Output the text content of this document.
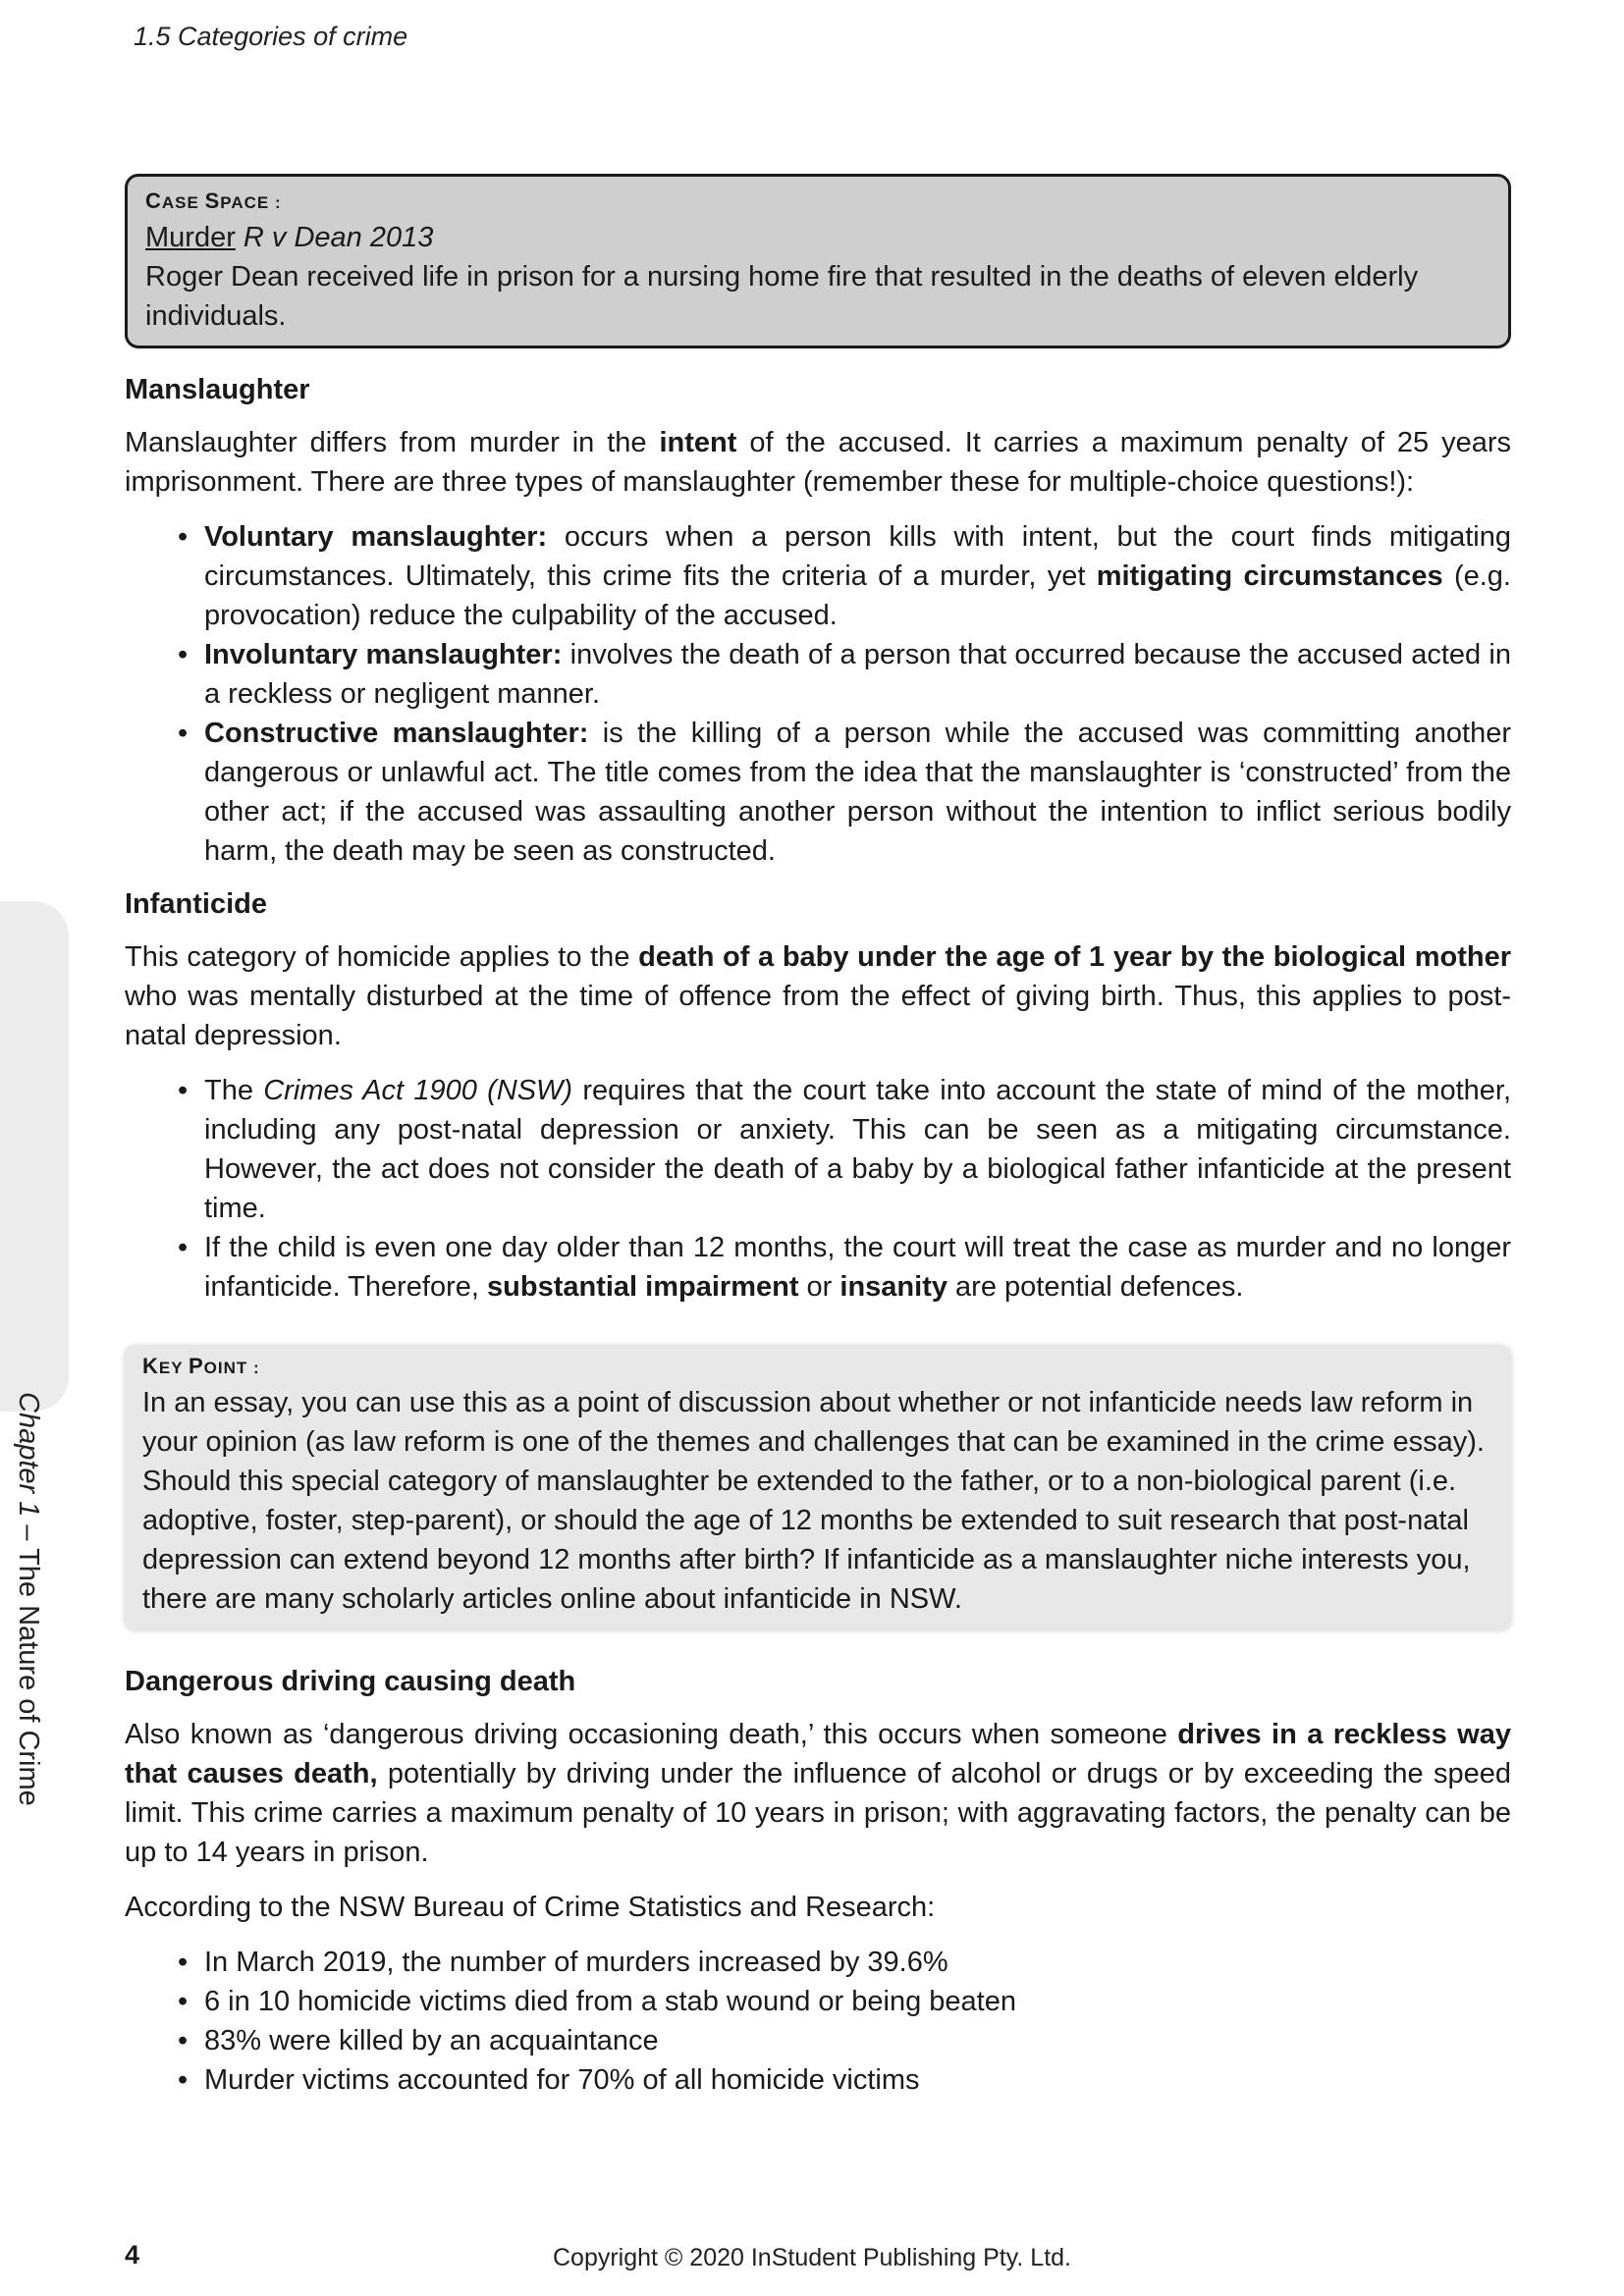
1.5 Categories of crime
Chapter 1 – The Nature of Crime
CASE SPACE :
Murder R v Dean 2013
Roger Dean received life in prison for a nursing home fire that resulted in the deaths of eleven elderly individuals.
Manslaughter

Manslaughter differs from murder in the intent of the accused. It carries a maximum penalty of 25 years imprisonment. There are three types of manslaughter (remember these for multiple-choice questions!):

• Voluntary manslaughter: occurs when a person kills with intent, but the court finds mitigating circumstances. Ultimately, this crime fits the criteria of a murder, yet mitigating circumstances (e.g. provocation) reduce the culpability of the accused.
• Involuntary manslaughter: involves the death of a person that occurred because the accused acted in a reckless or negligent manner.
• Constructive manslaughter: is the killing of a person while the accused was committing another dangerous or unlawful act. The title comes from the idea that the manslaughter is ‘constructed’ from the other act; if the accused was assaulting another person without the intention to inflict serious bodily harm, the death may be seen as constructed.
Infanticide

This category of homicide applies to the death of a baby under the age of 1 year by the biological mother who was mentally disturbed at the time of offence from the effect of giving birth. Thus, this applies to post-natal depression.

• The Crimes Act 1900 (NSW) requires that the court take into account the state of mind of the mother, including any post-natal depression or anxiety. This can be seen as a mitigating circumstance. However, the act does not consider the death of a baby by a biological father infanticide at the present time.
• If the child is even one day older than 12 months, the court will treat the case as murder and no longer infanticide. Therefore, substantial impairment or insanity are potential defences.
KEY POINT :
In an essay, you can use this as a point of discussion about whether or not infanticide needs law reform in your opinion (as law reform is one of the themes and challenges that can be examined in the crime essay). Should this special category of manslaughter be extended to the father, or to a non-biological parent (i.e. adoptive, foster, step-parent), or should the age of 12 months be extended to suit research that post-natal depression can extend beyond 12 months after birth? If infanticide as a manslaughter niche interests you, there are many scholarly articles online about infanticide in NSW.
Dangerous driving causing death

Also known as ‘dangerous driving occasioning death,’ this occurs when someone drives in a reckless way that causes death, potentially by driving under the influence of alcohol or drugs or by exceeding the speed limit. This crime carries a maximum penalty of 10 years in prison; with aggravating factors, the penalty can be up to 14 years in prison.

According to the NSW Bureau of Crime Statistics and Research:

• In March 2019, the number of murders increased by 39.6%
• 6 in 10 homicide victims died from a stab wound or being beaten
• 83% were killed by an acquaintance
• Murder victims accounted for 70% of all homicide victims
4	Copyright © 2020 InStudent Publishing Pty. Ltd.
